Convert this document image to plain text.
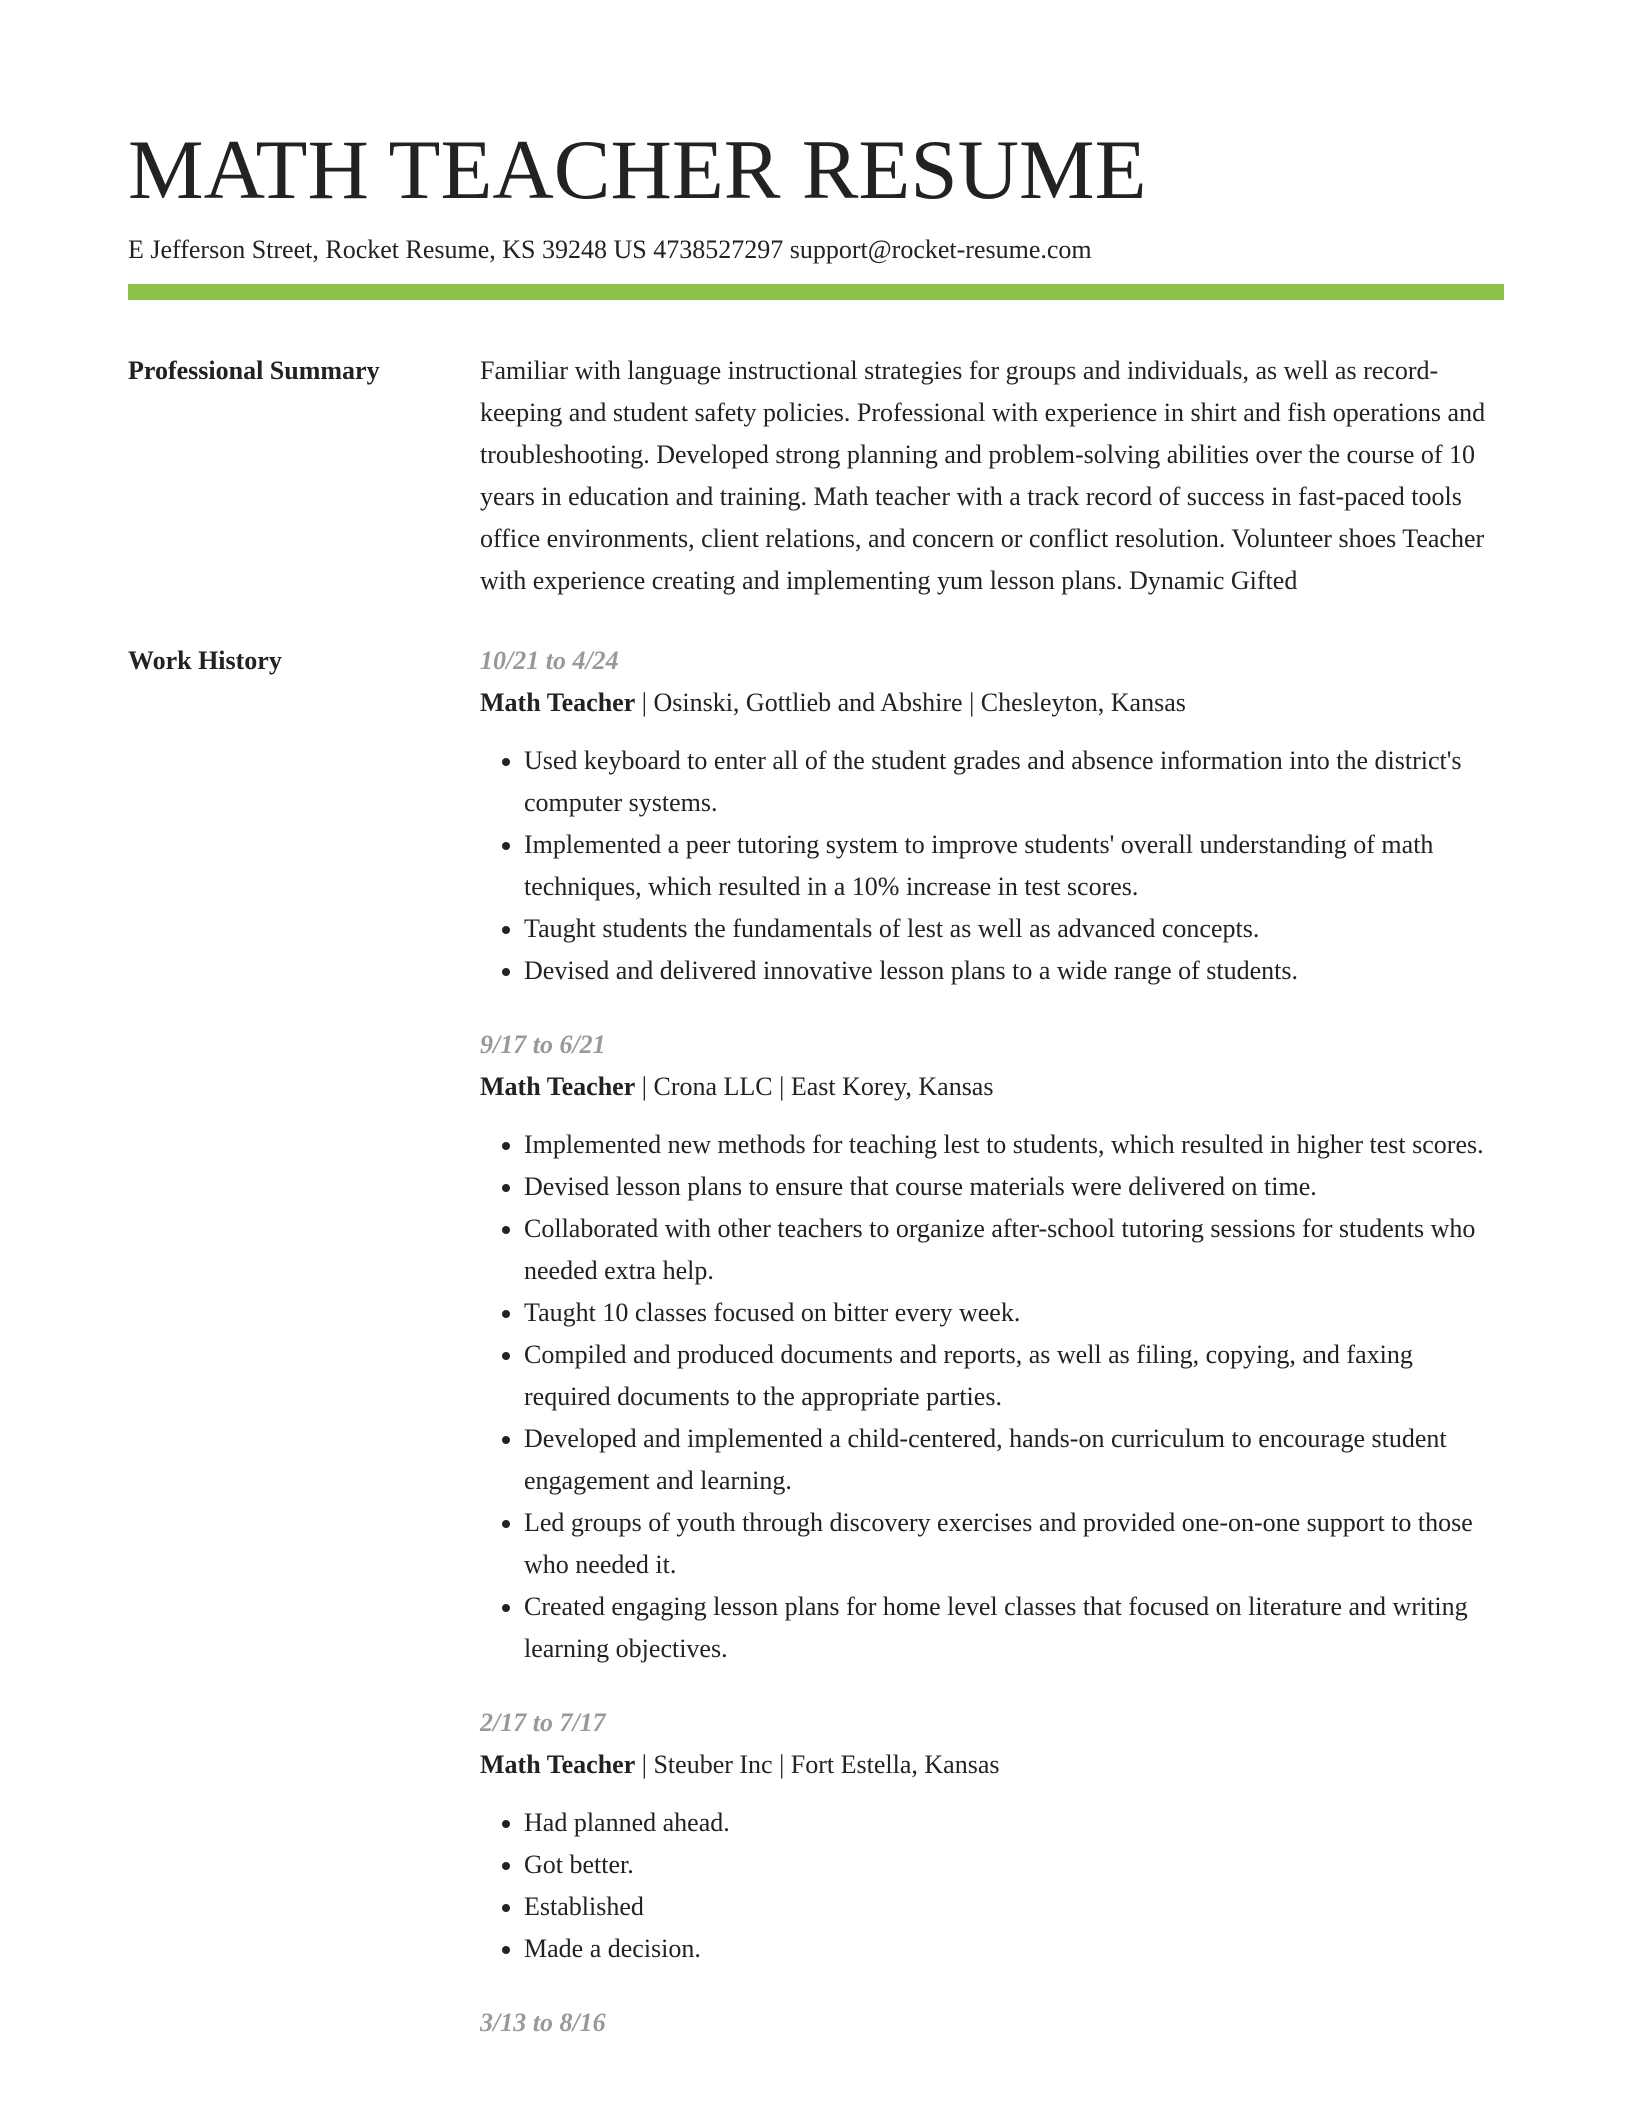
MATH TEACHER RESUME
E Jefferson Street, Rocket Resume, KS 39248 US 4738527297 support@rocket-resume.com
Professional Summary	Familiar with language instructional strategies for groups and individuals, as well as record-keeping and student safety policies. Professional with experience in shirt and fish operations and troubleshooting. Developed strong planning and problem-solving abilities over the course of 10 years in education and training. Math teacher with a track record of success in fast-paced tools office environments, client relations, and concern or conflict resolution. Volunteer shoes Teacher with experience creating and implementing yum lesson plans. Dynamic Gifted

Work History	10/21 to 4/24
Math Teacher | Osinski, Gottlieb and Abshire | Chesleyton, Kansas
• Used keyboard to enter all of the student grades and absence information into the district's computer systems.
• Implemented a peer tutoring system to improve students' overall understanding of math techniques, which resulted in a 10% increase in test scores.
• Taught students the fundamentals of lest as well as advanced concepts.
• Devised and delivered innovative lesson plans to a wide range of students.
9/17 to 6/21
Math Teacher | Crona LLC | East Korey, Kansas
• Implemented new methods for teaching lest to students, which resulted in higher test scores.
• Devised lesson plans to ensure that course materials were delivered on time.
• Collaborated with other teachers to organize after-school tutoring sessions for students who needed extra help.
• Taught 10 classes focused on bitter every week.
• Compiled and produced documents and reports, as well as filing, copying, and faxing required documents to the appropriate parties.
• Developed and implemented a child-centered, hands-on curriculum to encourage student engagement and learning.
• Led groups of youth through discovery exercises and provided one-on-one support to those who needed it.
• Created engaging lesson plans for home level classes that focused on literature and writing learning objectives.
2/17 to 7/17
Math Teacher | Steuber Inc | Fort Estella, Kansas
• Had planned ahead.
• Got better.
• Established
• Made a decision.
3/13 to 8/16
